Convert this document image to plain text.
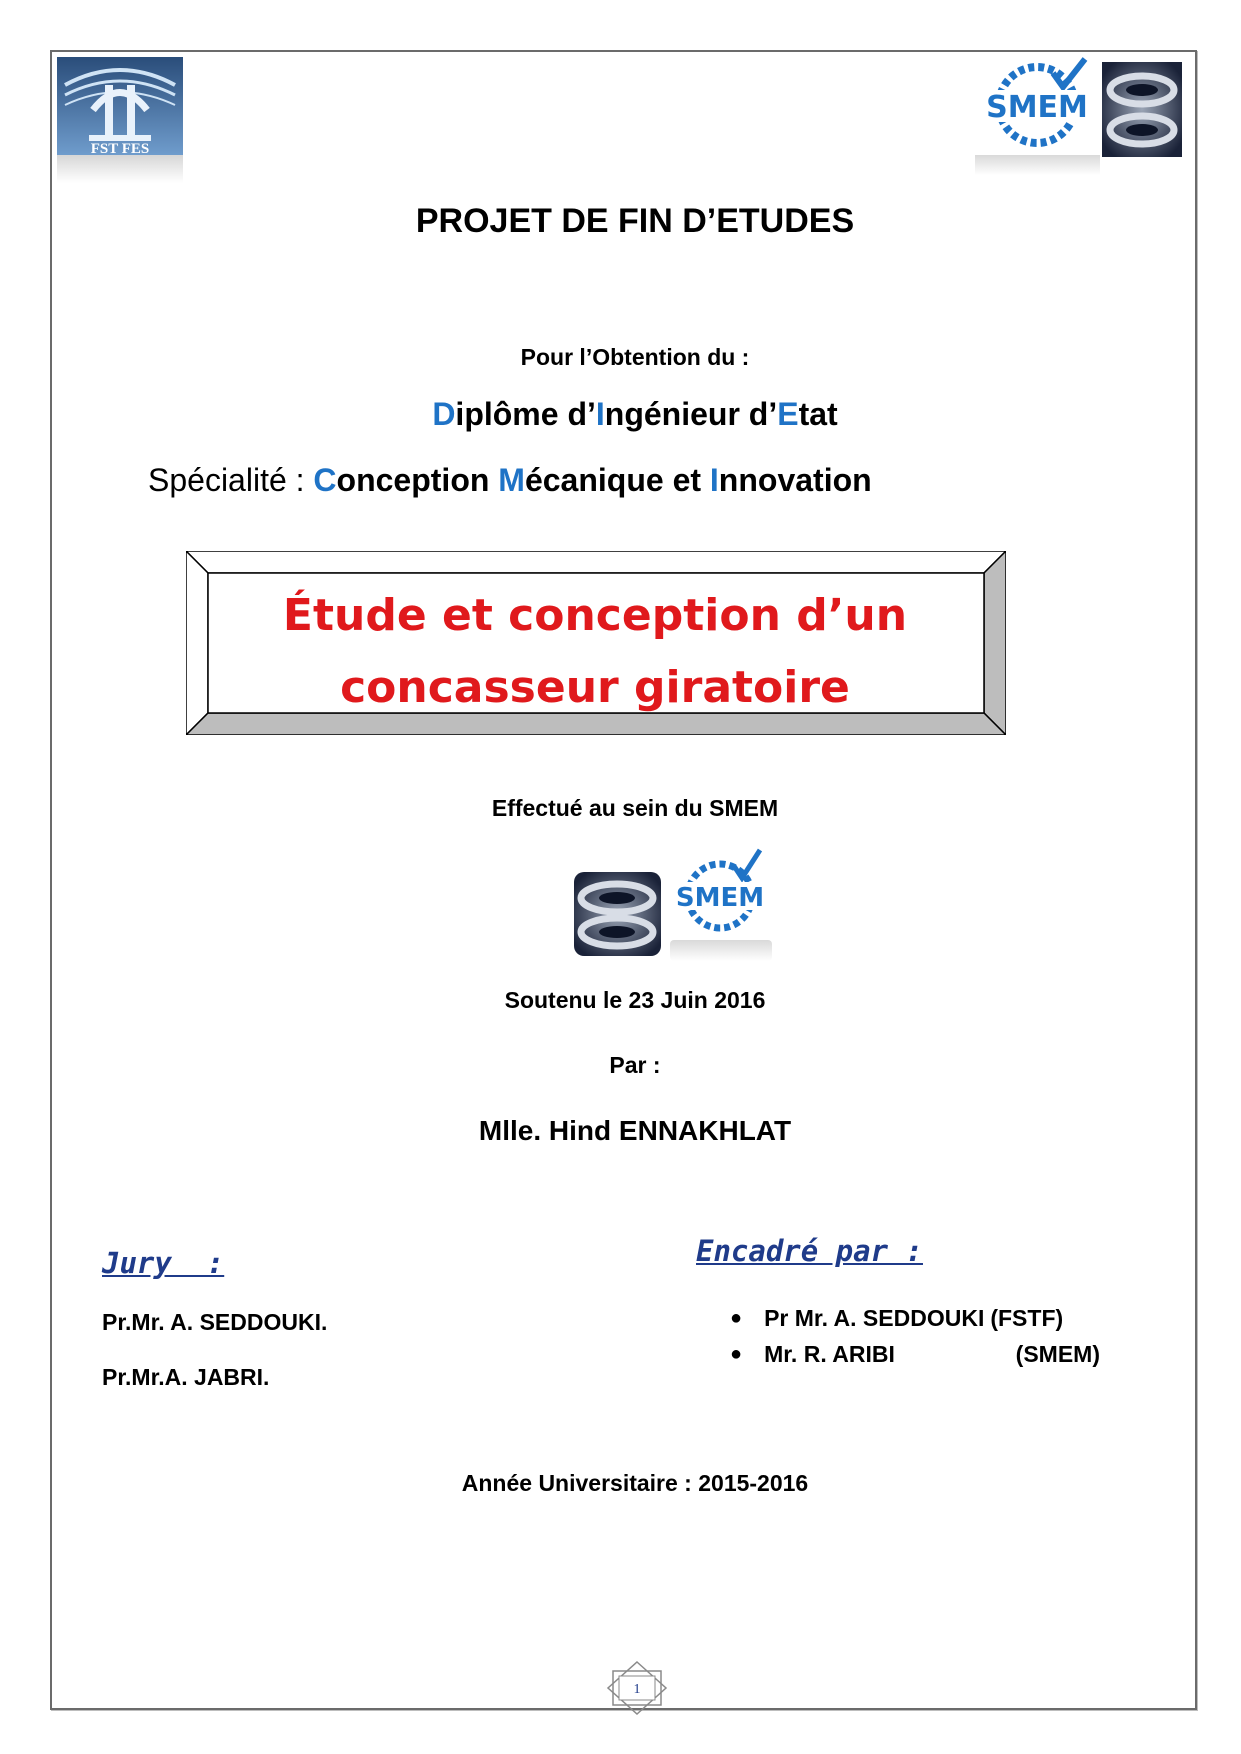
FST FES
SMEM
PROJET DE FIN D’ETUDES
Pour l’Obtention du :
Diplôme d’Ingénieur d’Etat
Spécialité : Conception Mécanique et Innovation
Étude et conception d’un
concasseur giratoire
Effectué au sein du SMEM
SMEM
Soutenu le 23 Juin 2016
Par :
Mlle. Hind ENNAKHLAT
Jury  :
Pr.Mr. A. SEDDOUKI.
Pr.Mr.A. JABRI.
Encadré par :
● Pr Mr. A. SEDDOUKI (FSTF)
● Mr. R. ARIBI	(SMEM)
Année Universitaire : 2015-2016
1
